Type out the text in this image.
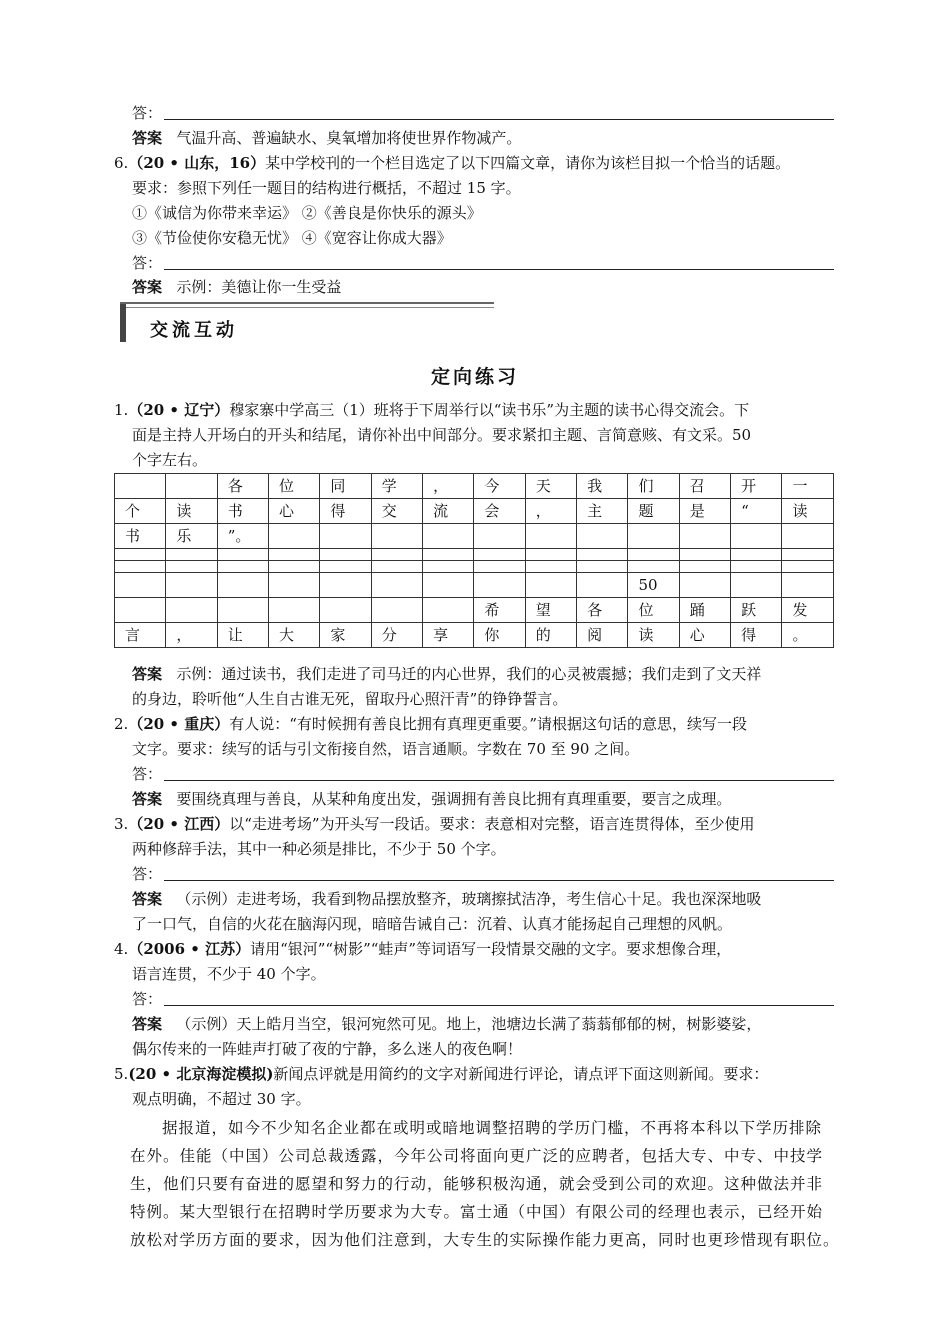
答：
答案 气温升高、普遍缺水、臭氧增加将使世界作物减产。
6.（20 • 山东，16）某中学校刊的一个栏目选定了以下四篇文章，请你为该栏目拟一个恰当的话题。
要求：参照下列任一题目的结构进行概括，不超过 15 字。
①《诚信为你带来幸运》 ②《善良是你快乐的源头》
③《节俭使你安稳无忧》 ④《宽容让你成大器》
答：
答案 示例：美德让你一生受益
交流互动
定向练习
1.（20 • 辽宁）穆家寨中学高三（1）班将于下周举行以“读书乐”为主题的读书心得交流会。下
面是主持人开场白的开头和结尾，请你补出中间部分。要求紧扣主题、言简意赅、有文采。50
个字左右。
		各	位	同	学	，	今	天	我	们	召	开	一
个	读	书	心	得	交	流	会	，	主	题	是	“	读
书	乐	”。											

										50			
							希	望	各	位	踊	跃	发
言	，	让	大	家	分	享	你	的	阅	读	心	得	。
答案 示例：通过读书，我们走进了司马迁的内心世界，我们的心灵被震撼；我们走到了文天祥
的身边，聆听他“人生自古谁无死，留取丹心照汗青”的铮铮誓言。
2.（20 • 重庆）有人说：“有时候拥有善良比拥有真理更重要。”请根据这句话的意思，续写一段
文字。要求：续写的话与引文衔接自然，语言通顺。字数在 70 至 90 之间。
答：
答案 要围绕真理与善良，从某种角度出发，强调拥有善良比拥有真理重要，要言之成理。
3.（20 • 江西）以“走进考场”为开头写一段话。要求：表意相对完整，语言连贯得体，至少使用
两种修辞手法，其中一种必须是排比，不少于 50 个字。
答：
答案 （示例）走进考场，我看到物品摆放整齐，玻璃擦拭洁净，考生信心十足。我也深深地吸
了一口气，自信的火花在脑海闪现，暗暗告诫自己：沉着、认真才能扬起自己理想的风帆。
4.（2006 • 江苏）请用“银河”“树影”“蛙声”等词语写一段情景交融的文字。要求想像合理，
语言连贯，不少于 40 个字。
答：
答案 （示例）天上皓月当空，银河宛然可见。地上，池塘边长满了蓊蓊郁郁的树，树影婆娑，
偶尔传来的一阵蛙声打破了夜的宁静，多么迷人的夜色啊！
5.(20 • 北京海淀模拟)新闻点评就是用简约的文字对新闻进行评论，请点评下面这则新闻。要求：
观点明确，不超过 30 字。
据报道，如今不少知名企业都在或明或暗地调整招聘的学历门槛，不再将本科以下学历排除
在外。佳能（中国）公司总裁透露，今年公司将面向更广泛的应聘者，包括大专、中专、中技学
生，他们只要有奋进的愿望和努力的行动，能够积极沟通，就会受到公司的欢迎。这种做法并非
特例。某大型银行在招聘时学历要求为大专。富士通（中国）有限公司的经理也表示，已经开始
放松对学历方面的要求，因为他们注意到，大专生的实际操作能力更高，同时也更珍惜现有职位。
